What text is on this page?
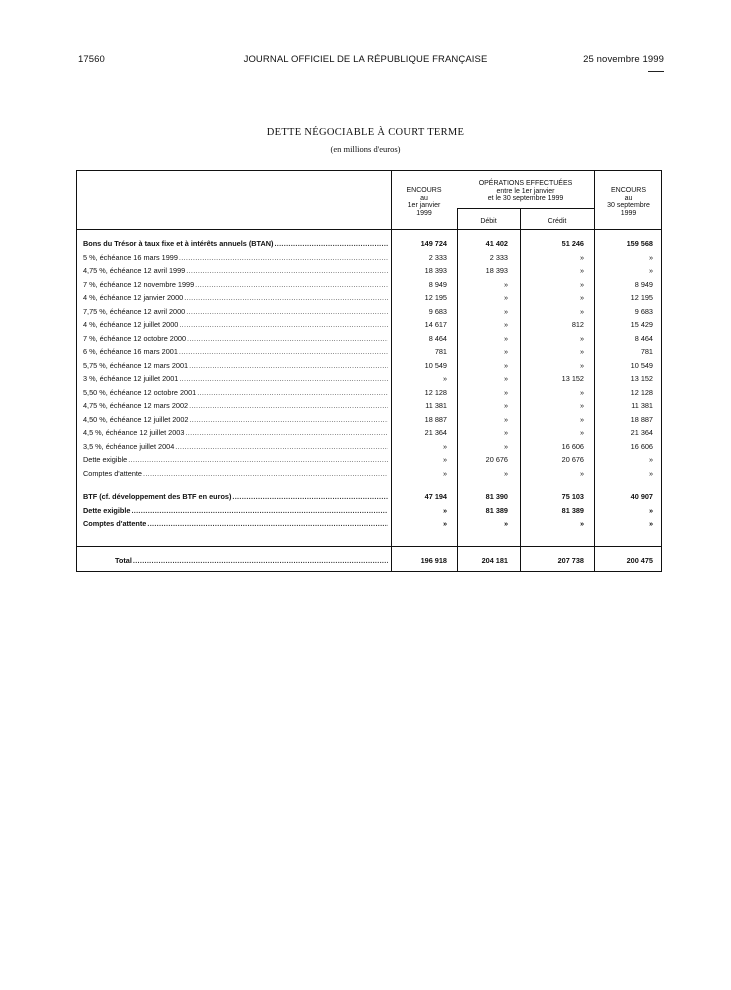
17560	JOURNAL OFFICIEL DE LA RÉPUBLIQUE FRANÇAISE	25 novembre 1999
DETTE NÉGOCIABLE À COURT TERME
(en millions d'euros)
ENCOURS
au
1er janvier
1999
OPÉRATIONS EFFECTUÉES
entre le 1er janvier
et le 30 septembre 1999
Débit	Crédit
ENCOURS
au
30 septembre
1999
Bons du Trésor à taux fixe et à intérêts annuels (BTAN) .....	149 724	41 402	51 246	159 568
5 %, échéance 16 mars 1999 .....	2 333	2 333	»	»
4,75 %, échéance 12 avril 1999 .....	18 393	18 393	»	»
7 %, échéance 12 novembre 1999 .....	8 949	»	»	8 949
4 %, échéance 12 janvier 2000 .....	12 195	»	»	12 195
7,75 %, échéance 12 avril 2000 .....	9 683	»	»	9 683
4 %, échéance 12 juillet 2000 .....	14 617	»	812	15 429
7 %, échéance 12 octobre 2000 .....	8 464	»	»	8 464
6 %, échéance 16 mars 2001 .....	781	»	»	781
5,75 %, échéance 12 mars 2001 .....	10 549	»	»	10 549
3 %, échéance 12 juillet 2001 .....	»	»	13 152	13 152
5,50 %, échéance 12 octobre 2001 .....	12 128	»	»	12 128
4,75 %, échéance 12 mars 2002 .....	11 381	»	»	11 381
4,50 %, échéance 12 juillet 2002 .....	18 887	»	»	18 887
4,5 %, échéance 12 juillet 2003 .....	21 364	»	»	21 364
3,5 %, échéance juillet 2004 .....	»	»	16 606	16 606
Dette exigible .....	»	20 676	20 676	»
Comptes d'attente .....	»	»	»	»
BTF (cf. développement des BTF en euros) .....	47 194	81 390	75 103	40 907
Dette exigible .....	»	81 389	81 389	»
Comptes d'attente .....	»	»	»	»
Total .....	196 918	204 181	207 738	200 475
